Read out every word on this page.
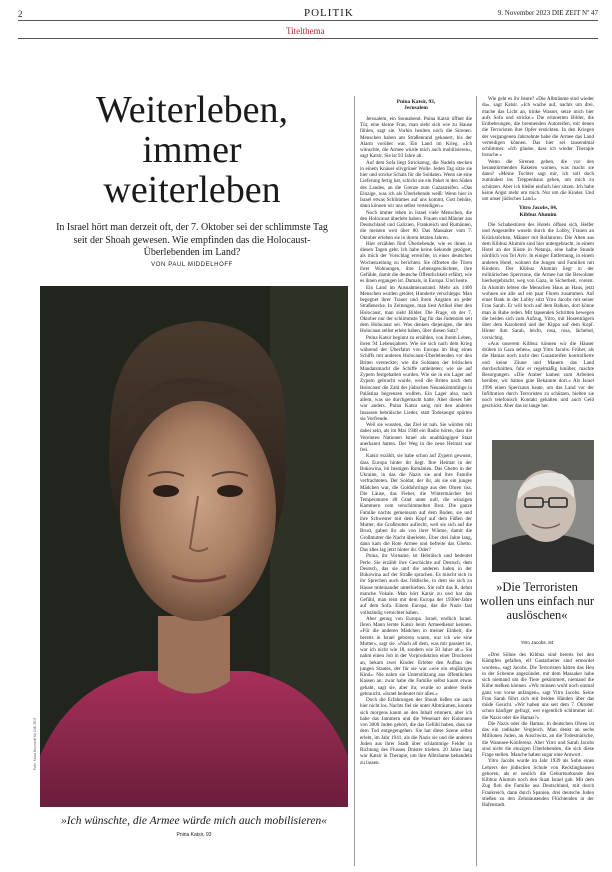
2	POLITIK	9. November 2023 DIE ZEIT Nº 47
Titelthema
Weiterleben,
immer
weiterleben
In Israel hört man derzeit oft, der 7. Oktober sei der schlimmste Tag seit der Shoah gewesen. Wie empfinden das die Holocaust-Überlebenden im Land?
VON PAUL MIDDELHOFF
Foto: Noka Borowski für DIE ZEIT
»Ich wünschte, die Armee würde mich auch mobilisieren«
Pnina Katsir, 93
Pnina Katsir, 93,
Jerusalem

Jerusalem, ein Sonnabend. Pnina Katsir öffnet die Tür, eine kleine Frau, man sieht sich wie zu Hause fühlen, sagt sie. Vorhin heulten noch die Sirenen. Menschen haben am Straßenrand gekauert, bis der Alarm vorüber war. Ein Land im Krieg. »Ich wünschte, die Armee würde mich auch mobilisieren«, sagt Katsir. Sie ist 93 Jahre alt.

Auf dem Sofa liegt Strickzeug, die Nadeln stecken in einem Knäuel olivgrüner Wolle. Jeden Tag sitze sie hier und stricke Schals für die Soldaten. Wenn sie eine Lieferung fertig hat, schickt sie ein Paket in den Süden des Landes, an die Grenze zum Gazastreifen. »Das Einzige, was ich als Überlebende weiß: Wenn hier in Israel etwas Schlimmes auf uns kommt, Gott behüte, dann können wir uns selbst verteidigen.«

Noch immer leben in Israel viele Menschen, die den Holocaust überlebt haben. Frauen und Männer aus Deutschland und Galizien, Frankreich und Rumänien, die meisten weit über 80. Das Massaker vom 7. Oktober erleben sie in ihrem letzten Jahren.

Hier erzählen fünf Überlebende, wie es ihnen in diesen Tagen geht. Ich habe keine Sekunde gezögert, als mich der Vorschlag erreichte, in einer deutschen Wochenzeitung zu berichten. Sie öffneten die Türen ihrer Wohnungen, ihre Lebensgeschichten, ihre Gefühle, damit die deutsche Öffentlichkeit erfährt, wie es ihnen ergangen ist. Damals, in Europa. Und heute.

Ein Land im Ausnahmezustand. Mehr als 1400 Menschen wurden getötet, Hunderte verschleppt. Man begegnet ihrer Trauer und ihren Ängsten an jeder Straßenecke. In Zeitungen, man liest Artikel über den Holocaust, man sieht Bilder. Die Frage, ob der 7. Oktober nur der schlimmste Tag für das Judentum seit dem Holocaust sei. Was denken diejenigen, die den Holocaust selbst erlebt haben, über diesen Satz?

Pnina Katsir beginnt zu erzählen, von ihrem Leben, ihren 94 Lebensjahren. Wie sie sich nach dem Krieg während der Überfahrt von Europa im Bug eines Schiffs mit anderen Holocaust-Überlebenden vor den Briten versteckte; wie die Soldaten der britischen Mandatsmacht die Schiffe umleiteten; wie sie auf Zypern festgehalten wurden. Wie sie in ein Lager auf Zypern gebracht wurde, weil die Briten nach dem Holocaust die Zahl der jüdischen Neuankömmlinge in Palästina begrenzen wollten. Ein Lager also, nach allem, was sie durchgemacht hatte. Aber dieses hier war anders. Pnina Katsir sang mit den anderen Insassen hebräische Lieder, statt Todesangst spürten sie Vorfreude.

Weil sie wussten, das Ziel ist nah. Sie würden mit dabei sein, als im Mai 1948 ein Radio hören, dass die Vereinten Nationen Israel als unabhängigen Staat anerkannt hatten. Der Weg in die neue Heimat war frei.

Katsir erzählt, sie habe schon auf Zypern gewusst, dass Europa hinter ihr liegt. Ihre Heimat in der Bukowina, im heutigen Rumänien. Das Ghetto in der Ukraine, in das die Nazis sie und ihre Familie verfrachteten. Der Soldat, der ihr, als sie ein junges Mädchen war, die Goldohrringe aus den Ohren riss. Die Läuse, das Fieber, die Wintermärcher bei Temperaturen 40 Grad unter null, die winzigen Kammern vom verschimmelten Brot. Die ganze Familie nachts gemeinsam auf dem Boden, sie und ihre Schwester mit dem Kopf auf dem Füßen der Mutter, die Großmutter aufrecht, weil sie sich auf die Brust, gaben ihr als von ihrer Wärme, damit die Großmutter die Nacht überlebte. Über drei Jahre lang, dann kam die Rote Armee und befreite das Ghetto. Das alles lag jetzt hinter ihr. Oder?

Pnina, ihr Vorname, ist Hebräisch und bedeutet Perle. Sie erzählt ihre Geschichte auf Deutsch, dem Deutsch, das sie und die anderen Juden in der Bukowina auf der Straße sprachen. Es mischt sich in ihr Sprechen auch das Jiddische, in dem sie sich zu Hause miteinander unterhielten. Sie rollt das R, dehnt manche Vokale. Man hört Katsir zu und hat das Gefühl, man reist mit dem Europa der 1930er-Jahre auf dem Sofa. Einem Europa, das die Nazis fast vollständig vernichtet haben.

Aber genug von Europa. Israel, endlich Israel. Ihren Mann lernte Katsir beim Armeedienst kennen. »Für die anderen Mädchen in meiner Einheit, die bereits in Israel geboren waren, war ich wie eine Mutter«, sagt sie. »Nach all dem, was mir passiert ist, war ich nicht wie 18, sondern wie 50 Jahre alt.« Sie nahm einen Job in der Vorproduktion einer Druckerei an, bekam zwei Kinder. Erlebte den Aufbau des jungen Staates, der für sie war »wie ein einjähriges Kind«. Nie nahm sie Unterstützung aus öffentlichen Kassen an: zwar habe die Familie selbst kaum etwas gehabt, sagt sie, aber ihr, wurde so andere Stelle gebraucht. »Israel bedeutet mir alles.«

Doch die Erfahrungen der Shoah ließen sie auch hier nicht los. Nachts fiel sie unter Albträumen, konnte sich morgens kaum an den Inhalt erinnern, aber ich habe das Jammern und die Wesenart der Kolonnen von 3000 Juden gehört, die das Gefühl haben, dass sie dem Tod entgegengehen. Sie hat diese Szene selbst erlebt, im Jahr 1941, als die Nazis sie und die anderen Juden aus ihrer Stadt über schlammige Felder in Richtung des Flusses Dnister trieben. 20 Jahre lang war Katsir in Therapie, um ihre Albträume behandeln zu lassen.

Wie geht es ihr heute? »Die Albträume sind wieder da«, sagt Katsir. »Ich wache auf, nachts um drei, mache das Licht an, trinke Wasser, setze mich hier aufs Sofa und stricke.« Die erinnerten Bilder, die Entbehrungen, die brennenden Autoreifen, mit denen die Terroristen ihre Opfer erstickten. In den Kriegen der vergangenen Jahrzehnte habe die Armee das Land verteidigen können. Das hier sei tausendmal schlimmer. »Ich glaube, dass ich wieder Therapie brauche.«

Wenn die Sirenen gehen, die vor den heranstürmenden Raketen warnen, was macht sie dann? »Meine Tochter sagt mir, ich soll doch zumindest ins Treppenhaus gehen, um mich zu schützen. Aber ich bleibe einfach hier sitzen. Ich habe keine Angst mehr um mich. Nur um die Kinder. Und um unser jüdisches Land.«

Yitro Jacobs, 84,
Kibbuz Alumim

Die Schabestüren des Hotels öffnen sich, Helfer und Angestellte wuseln durch die Lobby, Frauen an Krückstöcken, Männer mit Rollatoren. Die Alten aus dem Kibbuz Alumim sind hier untergebracht, in einem Hotel an der Küste in Netanja, eine halbe Stunde nördlich von Tel Aviv. In einiger Entfernung, in einem anderen Hotel, wohnen die Jungen und Familien mit Kindern. Der Kibbuz Alumim liegt in der militärischen Sperrzone, die Armee hat die Bewohner hierhergebracht, weg von Gaza, in Sicherheit, vorerst. In Alumim lebten die Menschen Haus an Haus, jetzt wohnen sie alle auf ein paar Fluren zusammen. Auf einer Bank in der Lobby sitzt Yitro Jacobs mit seiner Frau Sarah. Er will hoch auf dem Balkon, dort könne man in Ruhe reden. Mit tapsenden Schritten bewegen die beiden sich zum Aufzug, Yitro, mit Hosenträgern über dem Karohemd und der Kippa auf dem Kopf. Hinter ihm Sarah, leicht, rosa, rosa, lächelnd, vorsichtig.

»Aus unserem Kibbuz können wir die Häuser drüben in Gaza sehen«, sagt Yitro Jacobs. Früher, als die Hamas noch nicht den Gazastreifen kontrollierte und keine Zäune und Mauern das Land durchschnitten, fuhr er regelmäßig hinüber, machte Besorgungen. »Die Araber kamen zum Arbeiten herüber, wir hatten gute Bekannte dort.« Als Israel 1996 einen Sperrzaun baute, um das Land vor der Infiltration durch Terroristen zu schützen, hielten sie noch telefonisch Kontakt gehalten und auch Geld geschickt. Aber das ist lange her.

»Die Terroristen wollen uns einfach nur auslöschen«
Yitro Jacobs, 84

»Drei Söhne des Kibbuz sind bereits bei den Kämpfen gefallen, elf Gastarbeiter sind ermordet worden«, sagt Jacobs. Die Terroristen hätten das Heu in der Scheune angezündet, mit dem Massaker habe sich niemand um die Tiere gekümmert, niemand die Kühe melken können. »Wir müssen wohl noch einmal ganz von vorne anfangen«, sagt Yitro Jacobs. Seine Frau Sarah führt sich mit beiden Händen über das müde Gesicht. »Wir haben uns seit dem 7. Oktober schon häufiger gefragt, wer eigentlich schlimmer ist: die Nazis oder die Hamas?«

Die Nazis oder die Hamas. In deutschen Ohren ist das ein radikaler Vergleich. Man denkt an sechs Millionen Juden, an Auschwitz, an die Todesmärsche, die Wannsee-Konferenz. Aber Yitro und Sarah Jacobs sind nicht die einzigen Überlebenden, die sich diese Frage stellen. Manche haben sogar eine Antwort.

Yitro Jacobs wurde im Jahr 1939 als Sohn eines Lehrers der jüdischen Schule von Recklinghausen geboren, als er neulich die Geburtsurkunde den Kibbuz Alumim noch den Staat Israel gab. Mit dem Zug floh die Familie aus Deutschland, mit durch Frankreich, dann durch Spanien, drei deutsche Juden stießen zu den Zehntausenden Flüchtenden in der Hafenstadt.
